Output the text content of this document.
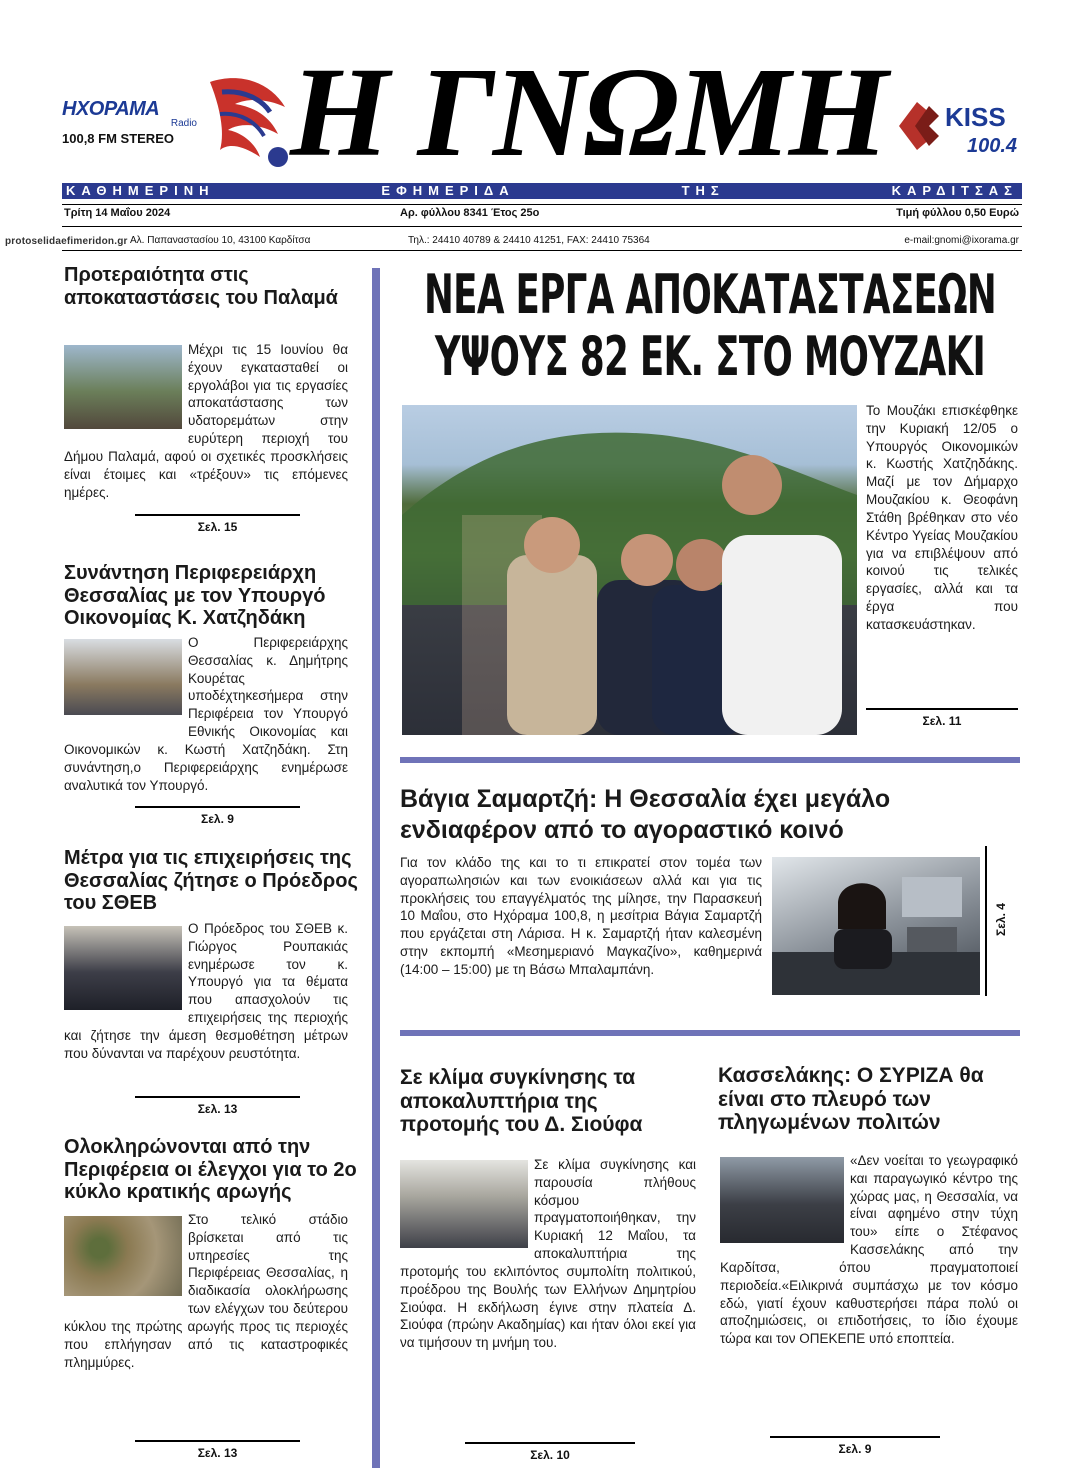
ΗΧΟΡΑΜΑ
Radio
100,8 FM STEREO Η ΓΝΩΜΗ KISS
100.4
ΚΑΘΗΜΕΡΙΝΗ ΕΦΗΜΕΡΙΔΑ ΤΗΣ ΚΑΡΔΙΤΣΑΣ
Τρίτη 14 Μαΐου 2024	Αρ. φύλλου 8341 Έτος 25ο	Τιμή φύλλου 0,50 Ευρώ
Αλ. Παπαναστασίου 10, 43100 Καρδίτσα	Τηλ.: 24410 40789 & 24410 41251, FAX: 24410 75364	e-mail:gnomi@ixorama.gr
protoselidaefimeridon.gr
Προτεραιότητα στις αποκαταστάσεις του Παλαμά

Μέχρι τις 15 Ιουνίου θα έχουν εγκατασταθεί οι εργολάβοι για τις εργασίες αποκατάστασης των υδατορεμάτων στην ευρύτερη περιοχή του Δήμου Παλαμά, αφού οι σχετικές προσκλήσεις είναι έτοιμες και «τρέξουν» τις επόμενες ημέρες.

Σελ. 15
Συνάντηση Περιφερειάρχη Θεσσαλίας με τον Υπουργό Οικονομίας Κ. Χατζηδάκη

Ο Περιφερειάρχης Θεσσαλίας κ. Δημήτρης Κουρέτας υποδέχτηκεσήμερα στην Περιφέρεια τον Υπουργό Εθνικής Οικονομίας και Οικονομικών κ. Κωστή Χατζηδάκη. Στη συνάντηση,ο Περιφερειάρχης ενημέρωσε αναλυτικά τον Υπουργό.

Σελ. 9
Μέτρα για τις επιχειρήσεις της Θεσσαλίας ζήτησε ο Πρόεδρος του ΣΘΕΒ

Ο Πρόεδρος του ΣΘΕΒ κ. Γιώργος Ρουπακιάς ενημέρωσε τον κ. Υπουργό για τα θέματα που απασχολούν τις επιχειρήσεις της περιοχής και ζήτησε την άμεση θεσμοθέτηση μέτρων που δύνανται να παρέχουν ρευστότητα.

Σελ. 13
Ολοκληρώνονται από την Περιφέρεια οι έλεγχοι για το 2ο κύκλο κρατικής αρωγής

Στο τελικό στάδιο βρίσκεται από τις υπηρεσίες της Περιφέρειας Θεσσαλίας, η διαδικασία ολοκλήρωσης των ελέγχων του δεύτερου κύκλου της πρώτης αρωγής προς τις περιοχές που επλήγησαν από τις καταστροφικές πλημμύρες.

Σελ. 13
ΝΕΑ ΕΡΓΑ ΑΠΟΚΑΤΑΣΤΑΣΕΩΝ
ΥΨΟΥΣ 82 ΕΚ. ΣΤΟ ΜΟΥΖΑΚΙ
Το Μουζάκι επισκέφθηκε την Κυριακή 12/05 ο Υπουργός Οικονομικών κ. Κωστής Χατζηδάκης. Μαζί με τον Δήμαρχο Μουζακίου κ. Θεοφάνη Στάθη βρέθηκαν στο νέο Κέντρο Υγείας Μουζακίου για να επιβλέψουν από κοινού τις τελικές εργασίες, αλλά και τα έργα που κατασκευάστηκαν.
Σελ. 11
Βάγια Σαμαρτζή: Η Θεσσαλία έχει μεγάλο ενδιαφέρον από το αγοραστικό κοινό
Για τον κλάδο της και το τι επικρατεί στον τομέα των αγοραπωλησιών και των ενοικιάσεων αλλά και για τις προκλήσεις του επαγγέλματός της μίλησε, την Παρασκευή 10 Μαΐου, στο Ηχόραμα 100,8, η μεσίτρια Βάγια Σαμαρτζή που εργάζεται στη Λάρισα. Η κ. Σαμαρτζή ήταν καλεσμένη στην εκπομπή «Μεσημεριανό Μαγκαζίνο», καθημερινά (14:00 – 15:00) με τη Βάσω Μπαλαμπάνη.
Σελ. 4
Σε κλίμα συγκίνησης τα αποκαλυπτήρια της προτομής του Δ. Σιούφα

Σε κλίμα συγκίνησης και παρουσία πλήθους κόσμου πραγματοποιήθηκαν, την Κυριακή 12 Μαΐου, τα αποκαλυπτήρια της προτομής του εκλιπόντος συμπολίτη πολιτικού, προέδρου της Βουλής των Ελλήνων Δημητρίου Σιούφα. Η εκδήλωση έγινε στην πλατεία Δ. Σιούφα (πρώην Ακαδημίας) και ήταν όλοι εκεί για να τιμήσουν τη μνήμη του.

Σελ. 10
Κασσελάκης: Ο ΣΥΡΙΖΑ θα είναι στο πλευρό των πληγωμένων πολιτών

«Δεν νοείται το γεωγραφικό και παραγωγικό κέντρο της χώρας μας, η Θεσσαλία, να είναι αφημένο στην τύχη του» είπε ο Στέφανος Κασσελάκης από την Καρδίτσα, όπου πραγματοποιεί περιοδεία.«Ειλικρινά συμπάσχω με τον κόσμο εδώ, γιατί έχουν καθυστερήσει πάρα πολύ οι αποζημιώσεις, οι επιδοτήσεις, το ίδιο έχουμε τώρα και τον ΟΠΕΚΕΠΕ υπό εποπτεία.

Σελ. 9
